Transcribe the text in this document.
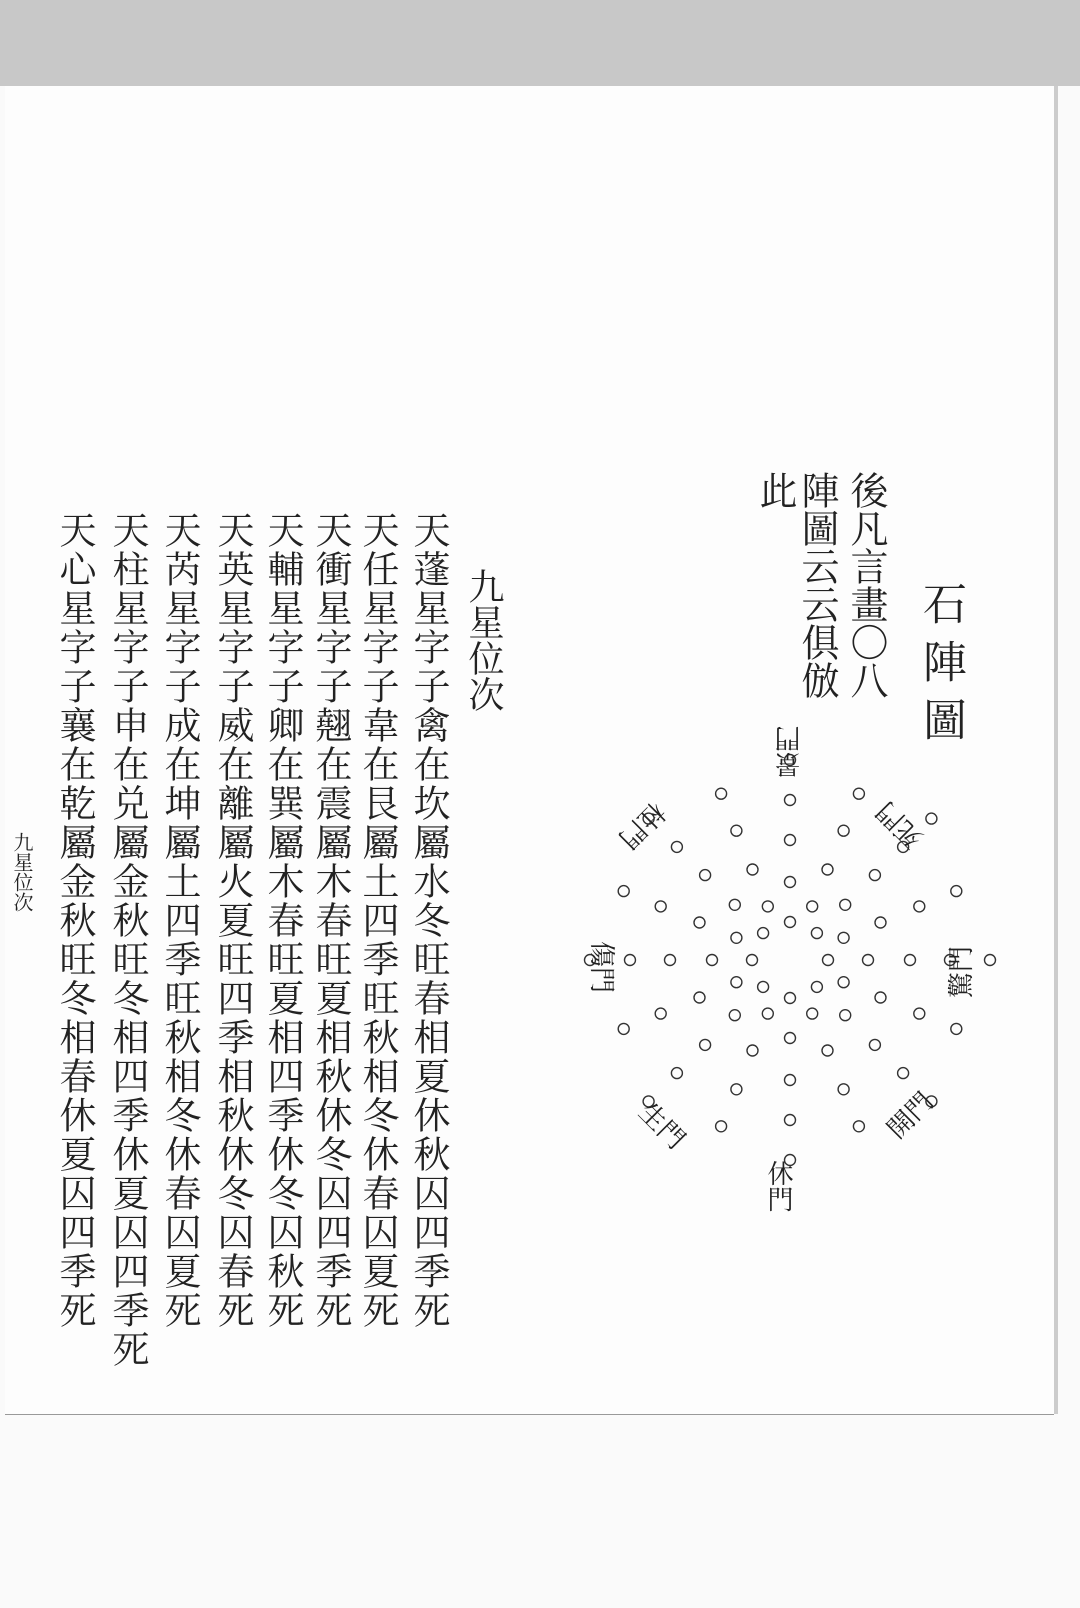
九星位次
天蓬星字子禽在坎屬水冬旺春相夏休秋囚四季死
天任星字子韋在艮屬土四季旺秋相冬休春囚夏死
天衝星字子翹在震屬木春旺夏相秋休冬囚四季死
天輔星字子卿在巽屬木春旺夏相四季休冬囚秋死
天英星字子威在離屬火夏旺四季相秋休冬囚春死
天芮星字子成在坤屬土四季旺秋相冬休春囚夏死
天柱星字子申在兑屬金秋旺冬相四季休夏囚四季死
天心星字子襄在乾屬金秋旺冬相春休夏囚四季死
九星位次
石陣圖
後凡言畫〇八
陣圖云云俱倣
此
景門
死門
驚門
開門
休門
生門
傷門
杜門
